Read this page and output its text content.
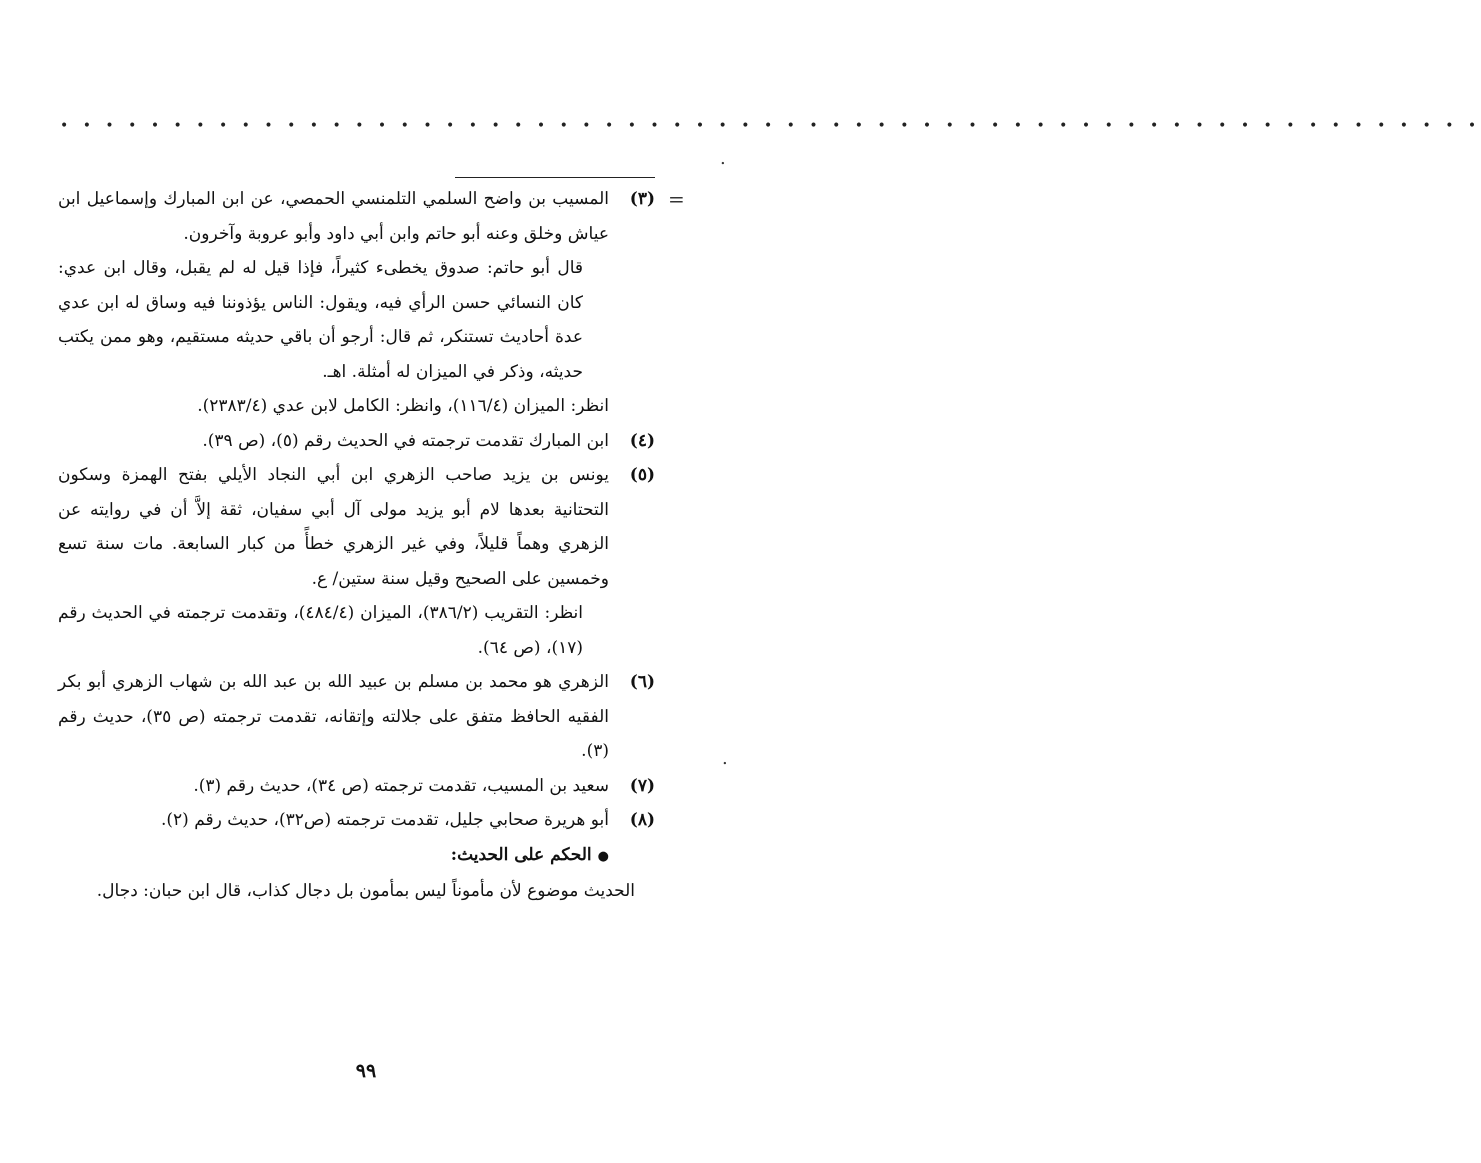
• • • • • • • • • • • • • • • • • • • • • • • • • • • • • • • • • • • • • • • • • • • • • • • • • • • • • • • • • • • • • • •
.
=
.
(٣)
المسيب بن واضح السلمي التلمنسي الحمصي، عن ابن المبارك وإسماعيل ابن عياش وخلق وعنه أبو حاتم وابن أبي داود وأبو عروبة وآخرون.
قال أبو حاتم: صدوق يخطىء كثيراً، فإذا قيل له لم يقبل، وقال ابن عدي: كان النسائي حسن الرأي فيه، ويقول: الناس يؤذوننا فيه وساق له ابن عدي عدة أحاديث تستنكر، ثم قال: أرجو أن باقي حديثه مستقيم، وهو ممن يكتب حديثه، وذكر في الميزان له أمثلة. اهـ.
انظر: الميزان (١١٦/٤)، وانظر: الكامل لابن عدي (٢٣٨٣/٤).
(٤)
ابن المبارك تقدمت ترجمته في الحديث رقم (٥)، (ص ٣٩).
(٥)
يونس بن يزيد صاحب الزهري ابن أبي النجاد الأيلي بفتح الهمزة وسكون التحتانية بعدها لام أبو يزيد مولى آل أبي سفيان، ثقة إلاَّ أن في روايته عن الزهري وهماً قليلاً، وفي غير الزهري خطأً من كبار السابعة. مات سنة تسع وخمسين على الصحيح وقيل سنة ستين/ ع.
انظر: التقريب (٣٨٦/٢)، الميزان (٤٨٤/٤)، وتقدمت ترجمته في الحديث رقم (١٧)، (ص ٦٤).
(٦)
الزهري هو محمد بن مسلم بن عبيد الله بن عبد الله بن شهاب الزهري أبو بكر الفقيه الحافظ متفق على جلالته وإتقانه، تقدمت ترجمته (ص ٣٥)، حديث رقم (٣).
(٧)
سعيد بن المسيب، تقدمت ترجمته (ص ٣٤)، حديث رقم (٣).
(٨)
أبو هريرة صحابي جليل، تقدمت ترجمته (ص٣٢)، حديث رقم (٢).
●الحكم على الحديث:
الحديث موضوع لأن مأموناً ليس بمأمون بل دجال كذاب، قال ابن حبان: دجال.
٩٩
